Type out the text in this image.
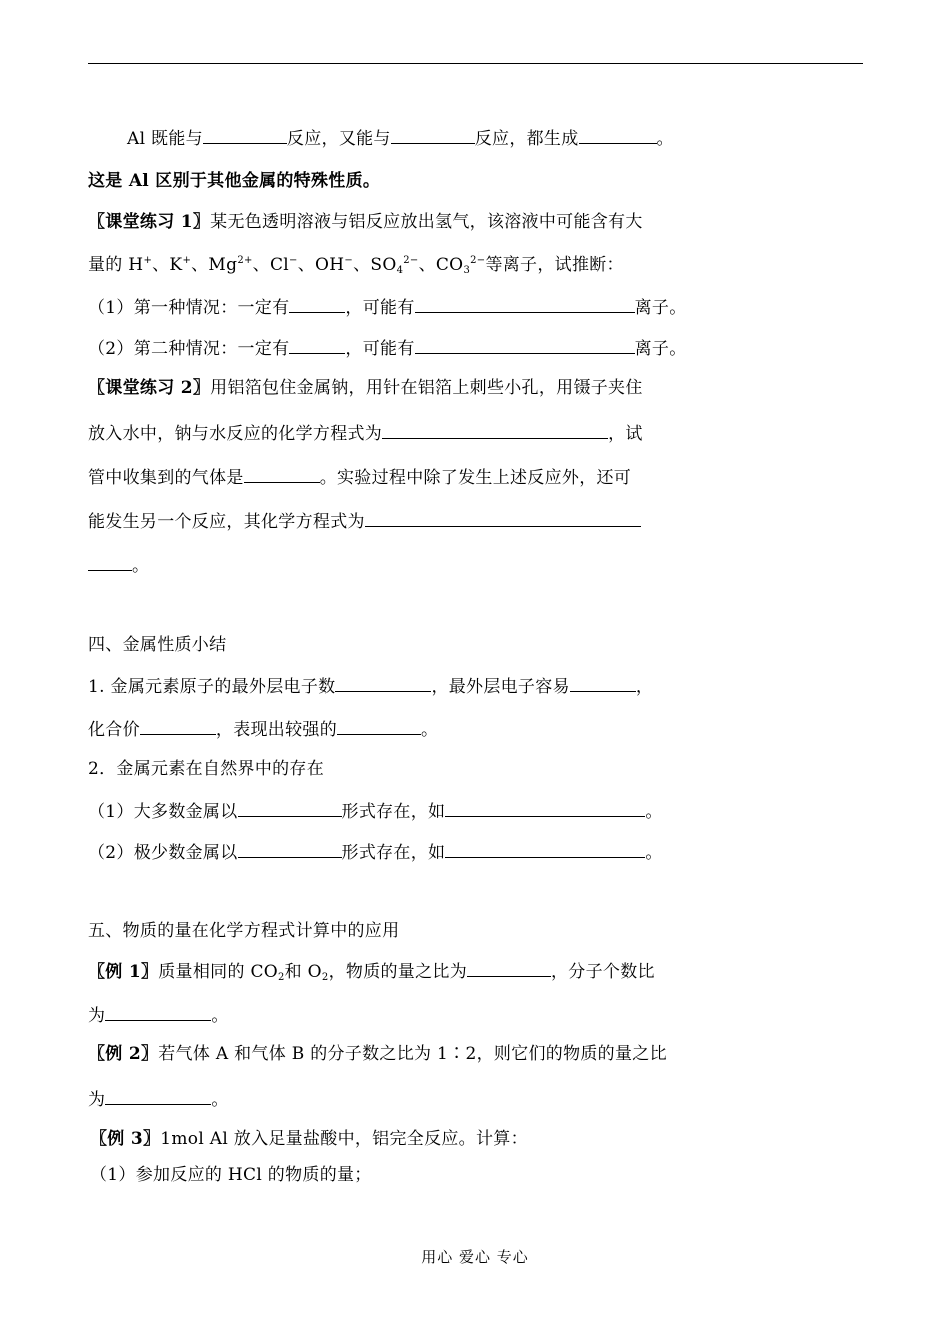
Al 既能与	反应，又能与	反应，都生成	。
这是 Al 区别于其他金属的特殊性质。
〖课堂练习 1〗某无色透明溶液与铝反应放出氢气，该溶液中可能含有大
量的 H+、K+、$Mg^{2+}$、Cl−、OH−、$SO_4^{2-}$、$CO_3^{2-}$等离子，试推断：
（1）第一种情况：一定有	，可能有	离子。
（2）第二种情况：一定有	，可能有	离子。
〖课堂练习 2〗用铝箔包住金属钠，用针在铝箔上刺些小孔，用镊子夹住
放入水中，钠与水反应的化学方程式为	，试
管中收集到的气体是	。实验过程中除了发生上述反应外，还可
能发生另一个反应，其化学方程式为
。
四、金属性质小结
1. 金属元素原子的最外层电子数	，最外层电子容易	，
化合价	，表现出较强的	。
2．金属元素在自然界中的存在
（1）大多数金属以	形式存在，如	。
（2）极少数金属以	形式存在，如	。
五、物质的量在化学方程式计算中的应用
〖例 1〗质量相同的 $CO_2$和 $O_2$，物质的量之比为	，分子个数比
为	。
〖例 2〗若气体 A 和气体 B 的分子数之比为 1∶2，则它们的物质的量之比
为	。
〖例 3〗1mol Al 放入足量盐酸中，铝完全反应。计算：
（1）参加反应的 HCl 的物质的量；
用心 爱心 专心
